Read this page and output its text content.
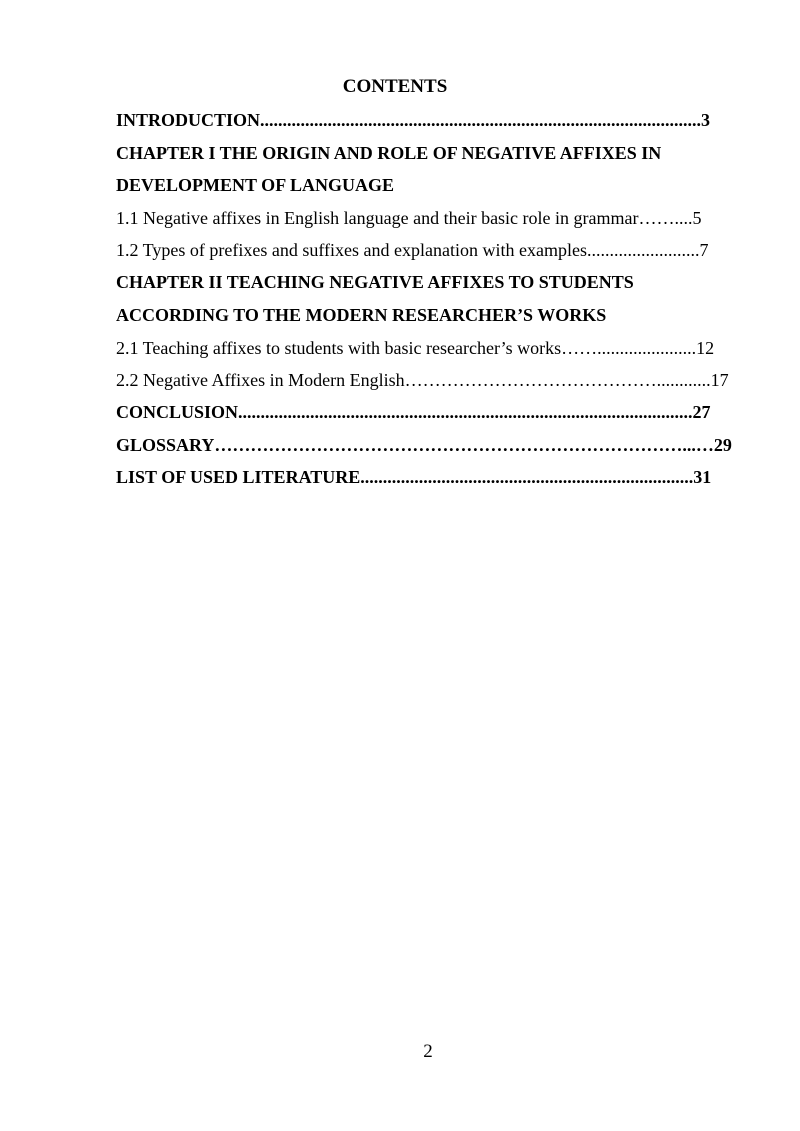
CONTENTS
INTRODUCTION..................................................................................................3
CHAPTER I THE ORIGIN AND ROLE OF NEGATIVE AFFIXES IN
DEVELOPMENT OF LANGUAGE
1.1 Negative affixes in English language and their basic role in grammar……....5
1.2 Types of prefixes and suffixes and explanation with examples.........................7
CHAPTER II TEACHING NEGATIVE AFFIXES TO STUDENTS
ACCORDING TO THE MODERN RESEARCHER’S WORKS
2.1 Teaching affixes to students with basic researcher’s works……......................12
2.2 Negative Affixes in Modern English……………………………………............17
CONCLUSION.....................................................................................................27
GLOSSARY……………………………………………………………………...…29
LIST OF USED LITERATURE..........................................................................31
2
